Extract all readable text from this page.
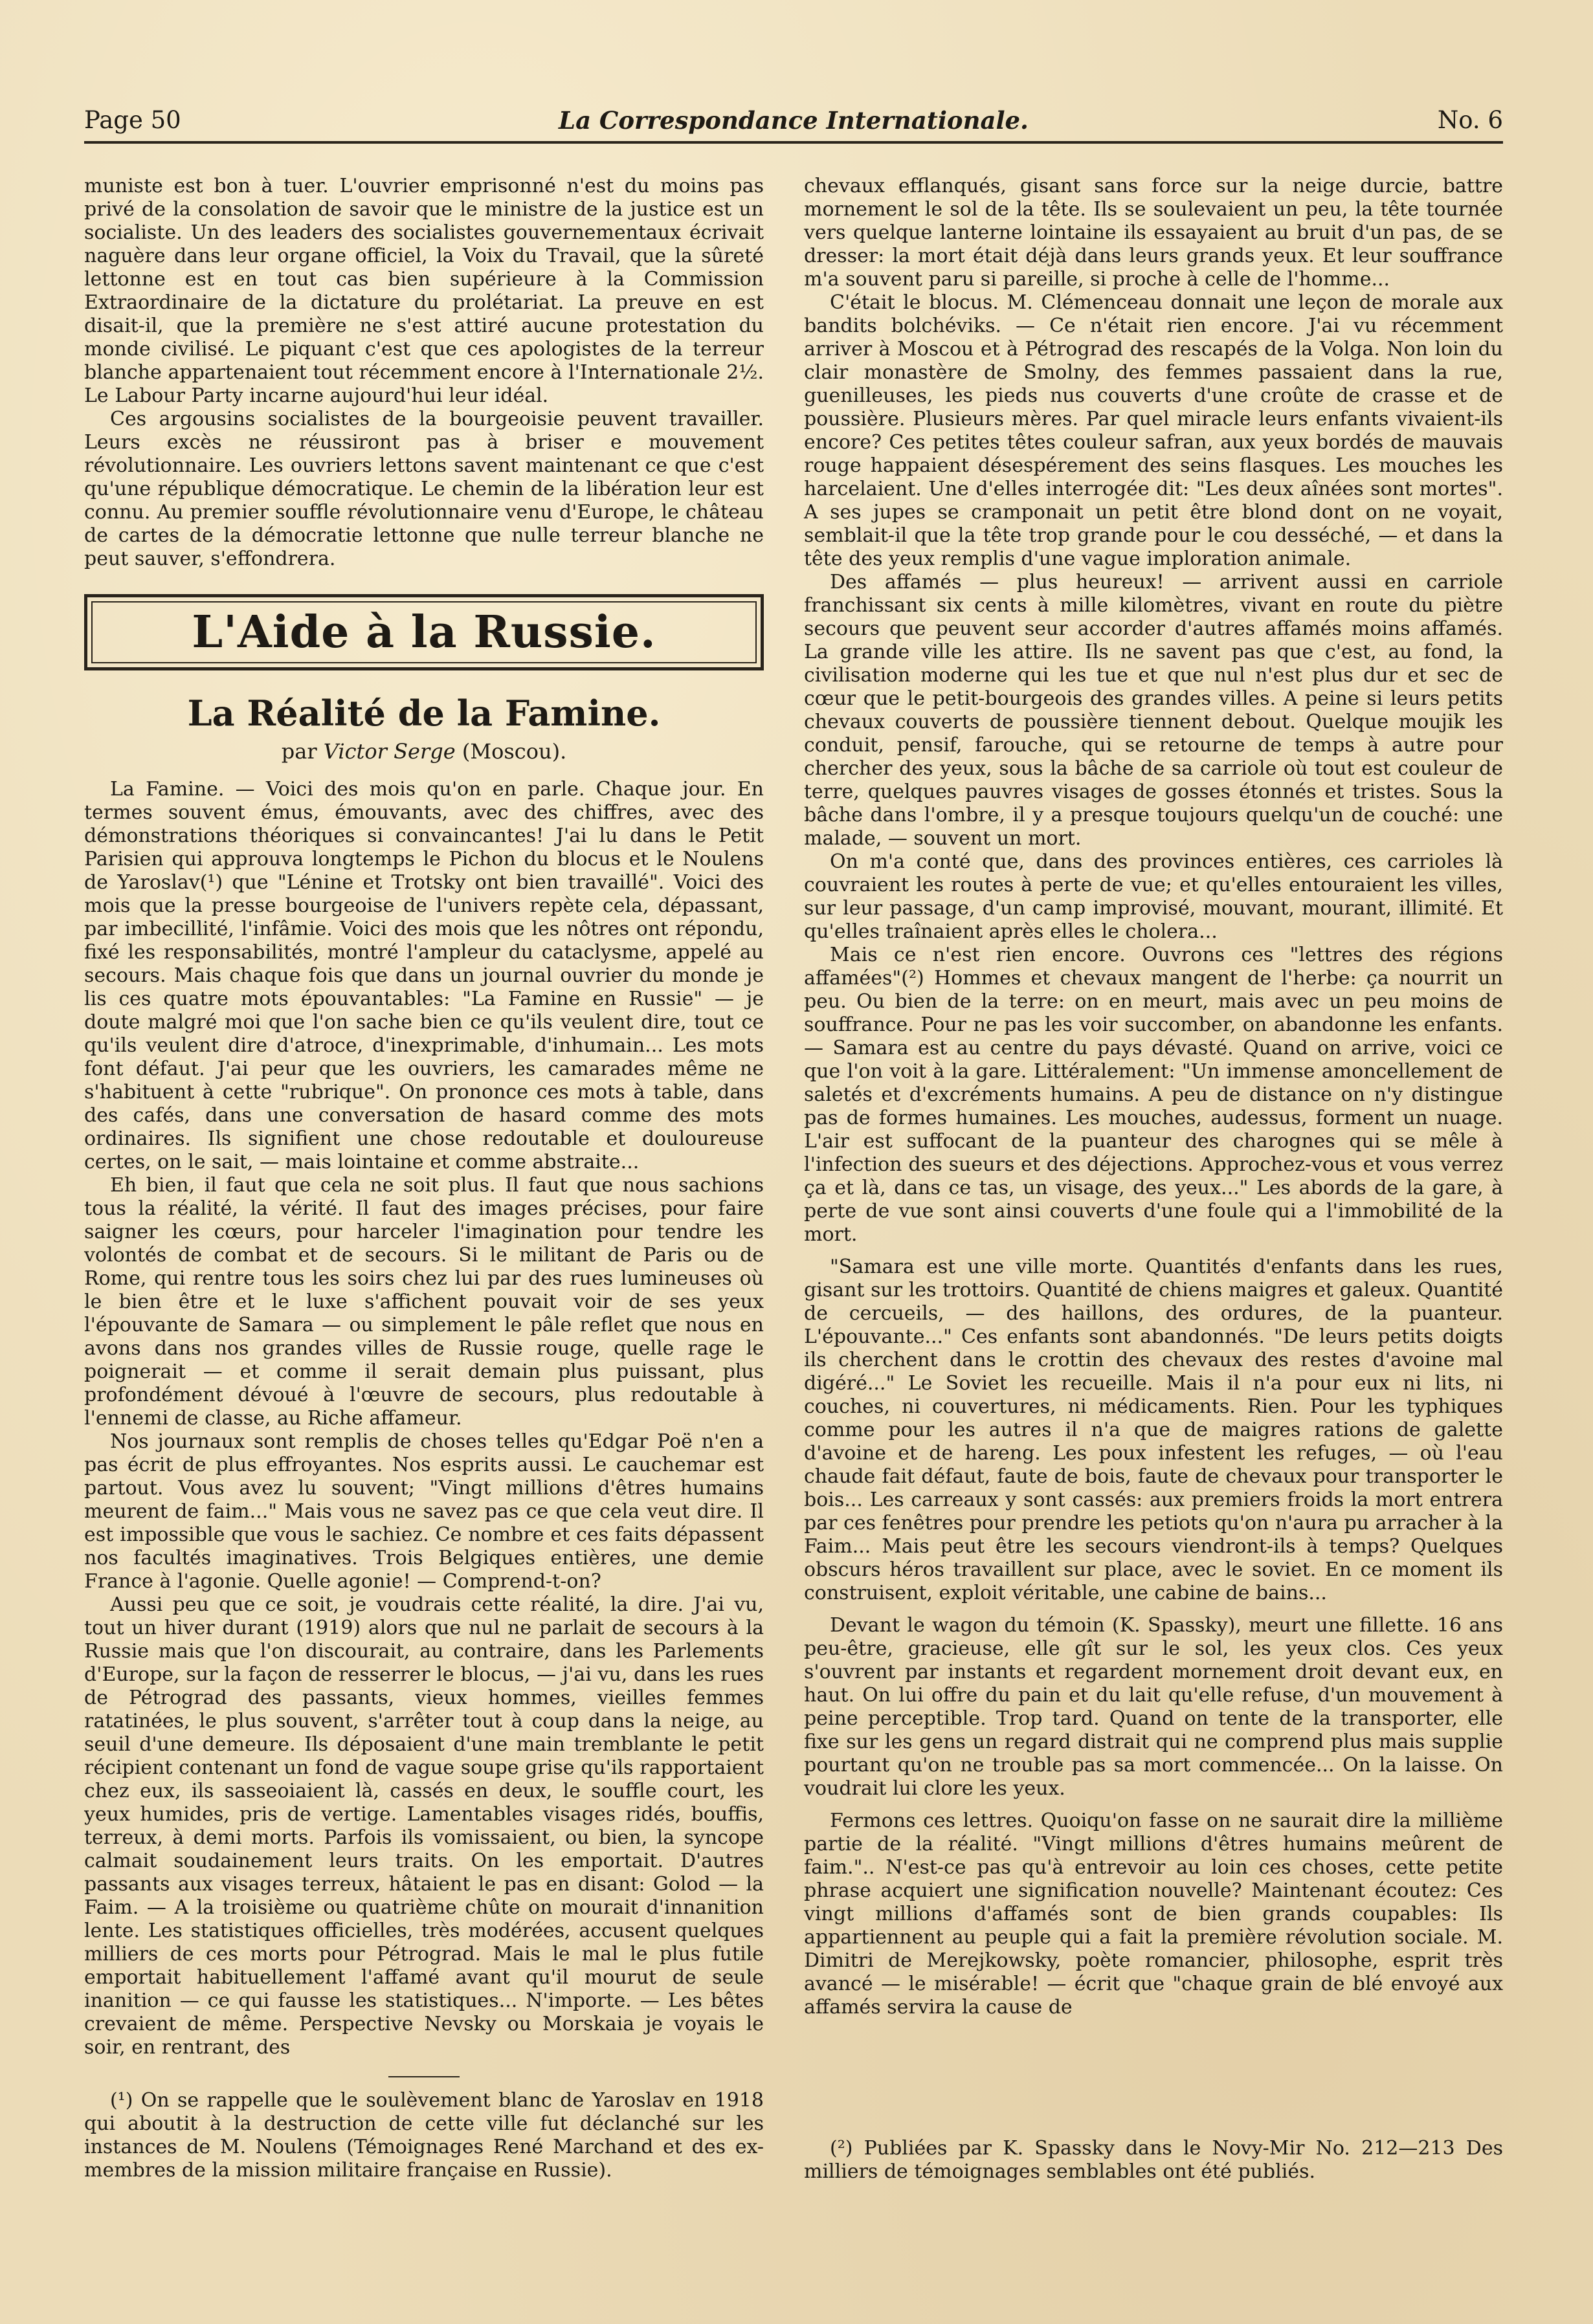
La Correspondance Internationale.
Page 50	No. 6

muniste est bon à tuer. L'ouvrier emprisonné n'est du moins pas privé de la consolation de savoir que le ministre de la justice est un socialiste. Un des leaders des socialistes gouvernementaux écrivait naguère dans leur organe officiel, la Voix du Travail, que la sûreté lettonne est en tout cas bien supérieure à la Commission Extraordinaire de la dictature du prolétariat. La preuve en est disait-il, que la première ne s'est attiré aucune protestation du monde civilisé. Le piquant c'est que ces apologistes de la terreur blanche appartenaient tout récemment encore à l'Internationale 2½. Le Labour Party incarne aujourd'hui leur idéal.

Ces argousins socialistes de la bourgeoisie peuvent travailler. Leurs excès ne réussiront pas à briser e mouvement révolutionnaire. Les ouvriers lettons savent maintenant ce que c'est qu'une république démocratique. Le chemin de la libération leur est connu. Au premier souffle révolutionnaire venu d'Europe, le château de cartes de la démocratie lettonne que nulle terreur blanche ne peut sauver, s'effondrera.

L'Aide à la Russie.
La Réalité de la Famine.

par Victor Serge (Moscou).

La Famine. — Voici des mois qu'on en parle. Chaque jour. En termes souvent émus, émouvants, avec des chiffres, avec des démonstrations théoriques si convaincantes! J'ai lu dans le Petit Parisien qui approuva longtemps le Pichon du blocus et le Noulens de Yaroslav(¹) que "Lénine et Trotsky ont bien travaillé". Voici des mois que la presse bourgeoise de l'univers repète cela, dépassant, par imbecillité, l'infâmie. Voici des mois que les nôtres ont répondu, fixé les responsabilités, montré l'ampleur du cataclysme, appelé au secours. Mais chaque fois que dans un journal ouvrier du monde je lis ces quatre mots épouvantables: "La Famine en Russie" — je doute malgré moi que l'on sache bien ce qu'ils veulent dire, tout ce qu'ils veulent dire d'atroce, d'inexprimable, d'inhumain... Les mots font défaut. J'ai peur que les ouvriers, les camarades même ne s'habituent à cette "rubrique". On prononce ces mots à table, dans des cafés, dans une conversation de hasard comme des mots ordinaires. Ils signifient une chose redoutable et douloureuse certes, on le sait, — mais lointaine et comme abstraite...

Eh bien, il faut que cela ne soit plus. Il faut que nous sachions tous la réalité, la vérité. Il faut des images précises, pour faire saigner les cœurs, pour harceler l'imagination pour tendre les volontés de combat et de secours. Si le militant de Paris ou de Rome, qui rentre tous les soirs chez lui par des rues lumineuses où le bien être et le luxe s'affichent pouvait voir de ses yeux l'épouvante de Samara — ou simplement le pâle reflet que nous en avons dans nos grandes villes de Russie rouge, quelle rage le poignerait — et comme il serait demain plus puissant, plus profondément dévoué à l'œuvre de secours, plus redoutable à l'ennemi de classe, au Riche affameur.

Nos journaux sont remplis de choses telles qu'Edgar Poë n'en a pas écrit de plus effroyantes. Nos esprits aussi. Le cauchemar est partout. Vous avez lu souvent; "Vingt millions d'êtres humains meurent de faim..." Mais vous ne savez pas ce que cela veut dire. Il est impossible que vous le sachiez. Ce nombre et ces faits dépassent nos facultés imaginatives. Trois Belgiques entières, une demie France à l'agonie. Quelle agonie! — Comprend-t-on?

Aussi peu que ce soit, je voudrais cette réalité, la dire. J'ai vu, tout un hiver durant (1919) alors que nul ne parlait de secours à la Russie mais que l'on discourait, au contraire, dans les Parlements d'Europe, sur la façon de resserrer le blocus, — j'ai vu, dans les rues de Pétrograd des passants, vieux hommes, vieilles femmes ratatinées, le plus souvent, s'arrêter tout à coup dans la neige, au seuil d'une demeure. Ils déposaient d'une main tremblante le petit récipient contenant un fond de vague soupe grise qu'ils rapportaient chez eux, ils sasseoiaient là, cassés en deux, le souffle court, les yeux humides, pris de vertige. Lamentables visages ridés, bouffis, terreux, à demi morts. Parfois ils vomissaient, ou bien, la syncope calmait soudainement leurs traits. On les emportait. D'autres passants aux visages terreux, hâtaient le pas en disant: Golod — la Faim. — A la troisième ou quatrième chûte on mourait d'innanition lente. Les statistiques officielles, très modérées, accusent quelques milliers de ces morts pour Pétrograd. Mais le mal le plus futile emportait habituellement l'affamé avant qu'il mourut de seule inanition — ce qui fausse les statistiques... N'importe. — Les bêtes crevaient de même. Perspective Nevsky ou Morskaia je voyais le soir, en rentrant, des

(¹) On se rappelle que le soulèvement blanc de Yaroslav en 1918 qui aboutit à la destruction de cette ville fut déclanché sur les instances de M. Noulens (Témoignages René Marchand et des ex-membres de la mission militaire française en Russie).

chevaux efflanqués, gisant sans force sur la neige durcie, battre mornement le sol de la tête. Ils se soulevaient un peu, la tête tournée vers quelque lanterne lointaine ils essayaient au bruit d'un pas, de se dresser: la mort était déjà dans leurs grands yeux. Et leur souffrance m'a souvent paru si pareille, si proche à celle de l'homme...

C'était le blocus. M. Clémenceau donnait une leçon de morale aux bandits bolchéviks. — Ce n'était rien encore. J'ai vu récemment arriver à Moscou et à Pétrograd des rescapés de la Volga. Non loin du clair monastère de Smolny, des femmes passaient dans la rue, guenilleuses, les pieds nus couverts d'une croûte de crasse et de poussière. Plusieurs mères. Par quel miracle leurs enfants vivaient-ils encore? Ces petites têtes couleur safran, aux yeux bordés de mauvais rouge happaient désespérement des seins flasques. Les mouches les harcelaient. Une d'elles interrogée dit: "Les deux aînées sont mortes". A ses jupes se cramponait un petit être blond dont on ne voyait, semblait-il que la tête trop grande pour le cou desséché, — et dans la tête des yeux remplis d'une vague imploration animale.

Des affamés — plus heureux! — arrivent aussi en carriole franchissant six cents à mille kilomètres, vivant en route du piètre secours que peuvent seur accorder d'autres affamés moins affamés. La grande ville les attire. Ils ne savent pas que c'est, au fond, la civilisation moderne qui les tue et que nul n'est plus dur et sec de cœur que le petit-bourgeois des grandes villes. A peine si leurs petits chevaux couverts de poussière tiennent debout. Quelque moujik les conduit, pensif, farouche, qui se retourne de temps à autre pour chercher des yeux, sous la bâche de sa carriole où tout est couleur de terre, quelques pauvres visages de gosses étonnés et tristes. Sous la bâche dans l'ombre, il y a presque toujours quelqu'un de couché: une malade, — souvent un mort.

On m'a conté que, dans des provinces entières, ces carrioles là couvraient les routes à perte de vue; et qu'elles entouraient les villes, sur leur passage, d'un camp improvisé, mouvant, mourant, illimité. Et qu'elles traînaient après elles le cholera...

Mais ce n'est rien encore. Ouvrons ces "lettres des régions affamées"(²) Hommes et chevaux mangent de l'herbe: ça nourrit un peu. Ou bien de la terre: on en meurt, mais avec un peu moins de souffrance. Pour ne pas les voir succomber, on abandonne les enfants. — Samara est au centre du pays dévasté. Quand on arrive, voici ce que l'on voit à la gare. Littéralement: "Un immense amoncellement de saletés et d'excréments humains. A peu de distance on n'y distingue pas de formes humaines. Les mouches, audessus, forment un nuage. L'air est suffocant de la puanteur des charognes qui se mêle à l'infection des sueurs et des déjections. Approchez-vous et vous verrez ça et là, dans ce tas, un visage, des yeux..." Les abords de la gare, à perte de vue sont ainsi couverts d'une foule qui a l'immobilité de la mort.

"Samara est une ville morte. Quantités d'enfants dans les rues, gisant sur les trottoirs. Quantité de chiens maigres et galeux. Quantité de cercueils, — des haillons, des ordures, de la puanteur. L'épouvante..." Ces enfants sont abandonnés. "De leurs petits doigts ils cherchent dans le crottin des chevaux des restes d'avoine mal digéré..." Le Soviet les recueille. Mais il n'a pour eux ni lits, ni couches, ni couvertures, ni médicaments. Rien. Pour les typhiques comme pour les autres il n'a que de maigres rations de galette d'avoine et de hareng. Les poux infestent les refuges, — où l'eau chaude fait défaut, faute de bois, faute de chevaux pour transporter le bois... Les carreaux y sont cassés: aux premiers froids la mort entrera par ces fenêtres pour prendre les petiots qu'on n'aura pu arracher à la Faim... Mais peut être les secours viendront-ils à temps? Quelques obscurs héros travaillent sur place, avec le soviet. En ce moment ils construisent, exploit véritable, une cabine de bains...

Devant le wagon du témoin (K. Spassky), meurt une fillette. 16 ans peu-être, gracieuse, elle gît sur le sol, les yeux clos. Ces yeux s'ouvrent par instants et regardent mornement droit devant eux, en haut. On lui offre du pain et du lait qu'elle refuse, d'un mouvement à peine perceptible. Trop tard. Quand on tente de la transporter, elle fixe sur les gens un regard distrait qui ne comprend plus mais supplie pourtant qu'on ne trouble pas sa mort commencée... On la laisse. On voudrait lui clore les yeux.

Fermons ces lettres. Quoiqu'on fasse on ne saurait dire la millième partie de la réalité. "Vingt millions d'êtres humains meûrent de faim.".. N'est-ce pas qu'à entrevoir au loin ces choses, cette petite phrase acquiert une signification nouvelle? Maintenant écoutez: Ces vingt millions d'affamés sont de bien grands coupables: Ils appartiennent au peuple qui a fait la première révolution sociale. M. Dimitri de Merejkowsky, poète romancier, philosophe, esprit très avancé — le misérable! — écrit que "chaque grain de blé envoyé aux affamés servira la cause de

(²) Publiées par K. Spassky dans le Novy-Mir No. 212—213 Des milliers de témoignages semblables ont été publiés.
